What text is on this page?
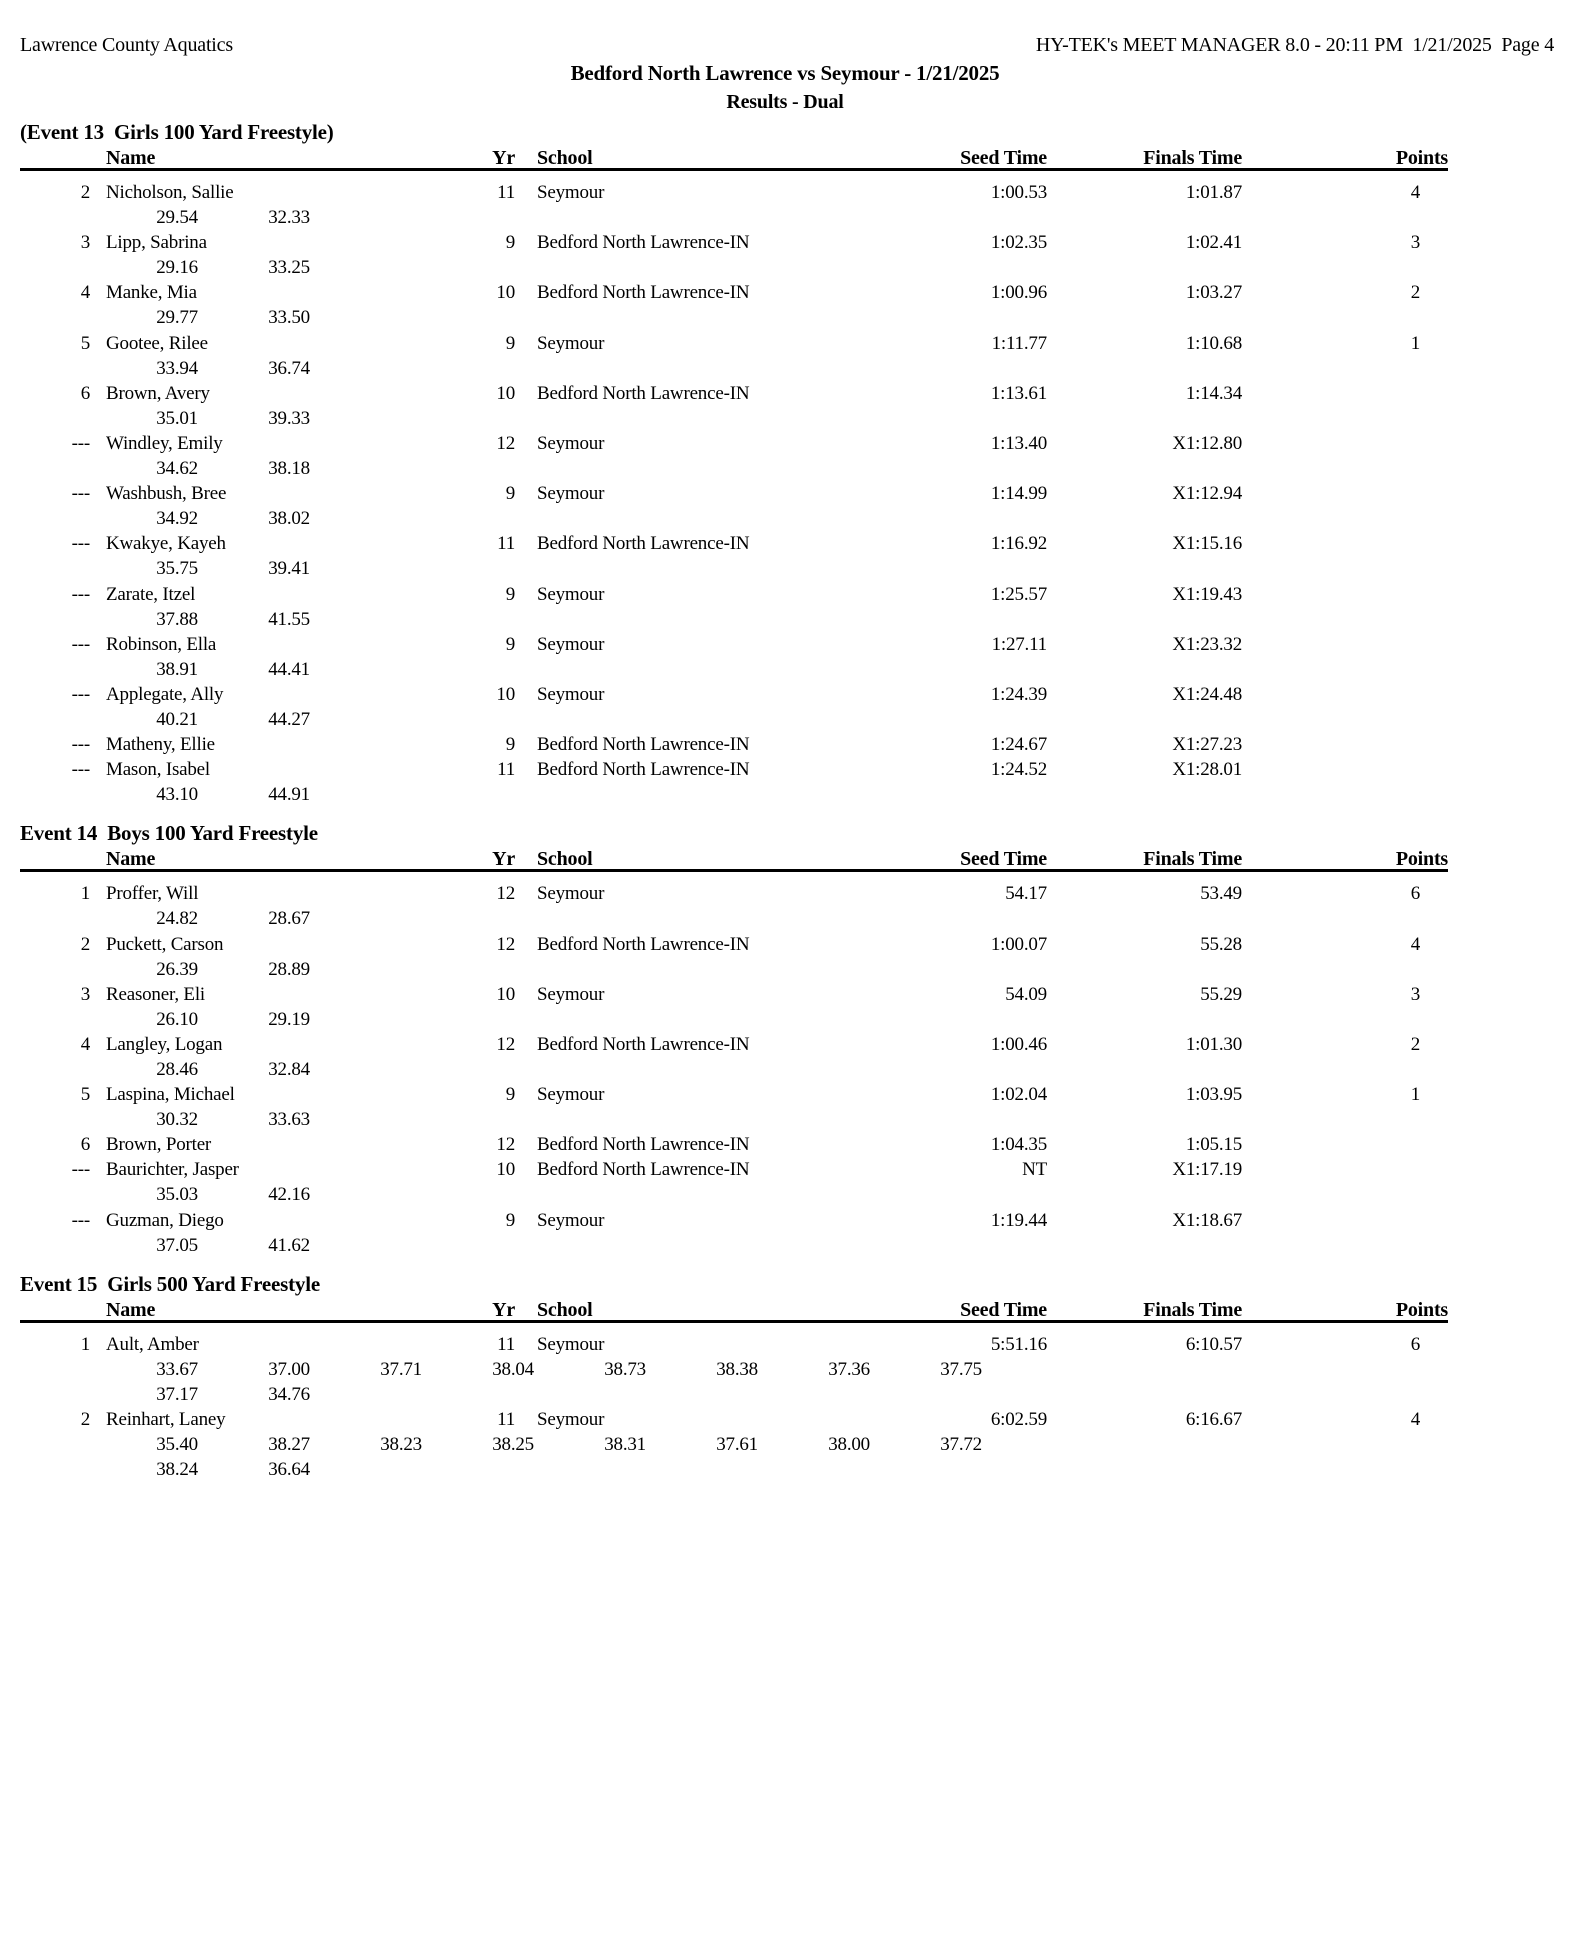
Lawrence County Aquatics	HY-TEK's MEET MANAGER 8.0 - 20:11 PM  1/21/2025  Page 4
Bedford North Lawrence vs Seymour - 1/21/2025
Results - Dual
(Event 13  Girls 100 Yard Freestyle)
Name	Yr	School	Seed Time	Finals Time	Points
2 Nicholson, Sallie	11	Seymour	1:00.53	1:01.87	4
29.54	32.33
3 Lipp, Sabrina	9	Bedford North Lawrence-IN	1:02.35	1:02.41	3
29.16	33.25
4 Manke, Mia	10	Bedford North Lawrence-IN	1:00.96	1:03.27	2
29.77	33.50
5 Gootee, Rilee	9	Seymour	1:11.77	1:10.68	1
33.94	36.74
6 Brown, Avery	10	Bedford North Lawrence-IN	1:13.61	1:14.34
35.01	39.33
--- Windley, Emily	12	Seymour	1:13.40	X1:12.80
34.62	38.18
--- Washbush, Bree	9	Seymour	1:14.99	X1:12.94
34.92	38.02
--- Kwakye, Kayeh	11	Bedford North Lawrence-IN	1:16.92	X1:15.16
35.75	39.41
--- Zarate, Itzel	9	Seymour	1:25.57	X1:19.43
37.88	41.55
--- Robinson, Ella	9	Seymour	1:27.11	X1:23.32
38.91	44.41
--- Applegate, Ally	10	Seymour	1:24.39	X1:24.48
40.21	44.27
--- Matheny, Ellie	9	Bedford North Lawrence-IN	1:24.67	X1:27.23
--- Mason, Isabel	11	Bedford North Lawrence-IN	1:24.52	X1:28.01
43.10	44.91
Event 14  Boys 100 Yard Freestyle
Name	Yr	School	Seed Time	Finals Time	Points
1 Proffer, Will	12	Seymour	54.17	53.49	6
24.82	28.67
2 Puckett, Carson	12	Bedford North Lawrence-IN	1:00.07	55.28	4
26.39	28.89
3 Reasoner, Eli	10	Seymour	54.09	55.29	3
26.10	29.19
4 Langley, Logan	12	Bedford North Lawrence-IN	1:00.46	1:01.30	2
28.46	32.84
5 Laspina, Michael	9	Seymour	1:02.04	1:03.95	1
30.32	33.63
6 Brown, Porter	12	Bedford North Lawrence-IN	1:04.35	1:05.15
--- Baurichter, Jasper	10	Bedford North Lawrence-IN	NT	X1:17.19
35.03	42.16
--- Guzman, Diego	9	Seymour	1:19.44	X1:18.67
37.05	41.62
Event 15  Girls 500 Yard Freestyle
Name	Yr	School	Seed Time	Finals Time	Points
1 Ault, Amber	11	Seymour	5:51.16	6:10.57	6
33.67	37.00	37.71	38.04	38.73	38.38	37.36	37.75
37.17	34.76
2 Reinhart, Laney	11	Seymour	6:02.59	6:16.67	4
35.40	38.27	38.23	38.25	38.31	37.61	38.00	37.72
38.24	36.64
